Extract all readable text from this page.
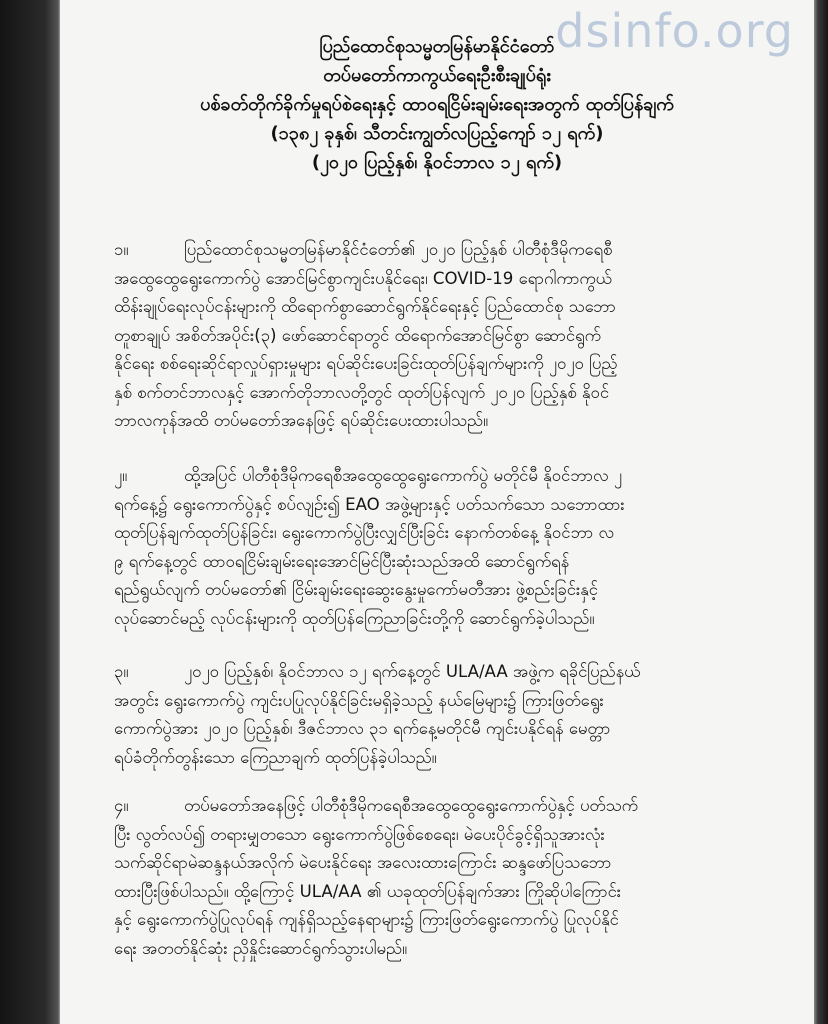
dsinfo.org
ပြည်ထောင်စုသမ္မတမြန်မာနိုင်ငံတော်
တပ်မတော်ကာကွယ်ရေးဦးစီးချုပ်ရုံး
ပစ်ခတ်တိုက်ခိုက်မှုရပ်စဲရေးနှင့် ထာဝရငြိမ်းချမ်းရေးအတွက် ထုတ်ပြန်ချက်
(၁၃၈၂ ခုနှစ်၊ သီတင်းကျွတ်လပြည့်ကျော် ၁၂ ရက်)
(၂၀၂၀ ပြည့်နှစ်၊ နိုဝင်ဘာလ ၁၂ ရက်)
၁။	ပြည်ထောင်စုသမ္မတမြန်မာနိုင်ငံတော်၏ ၂၀၂၀ ပြည့်နှစ် ပါတီစုံဒီမိုကရေစီ
အထွေထွေရွေးကောက်ပွဲ အောင်မြင်စွာကျင်းပနိုင်ရေး၊ COVID-19 ရောဂါကာကွယ်
ထိန်းချုပ်ရေးလုပ်ငန်းများကို ထိရောက်စွာဆောင်ရွက်နိုင်ရေးနှင့် ပြည်ထောင်စု သဘော
တူစာချုပ် အစိတ်အပိုင်း(၃) ဖော်ဆောင်ရာတွင် ထိရောက်အောင်မြင်စွာ ဆောင်ရွက်
နိုင်ရေး စစ်ရေးဆိုင်ရာလှုပ်ရှားမှုများ ရပ်ဆိုင်းပေးခြင်းထုတ်ပြန်ချက်များကို ၂၀၂၀ ပြည့်
နှစ် စက်တင်ဘာလနှင့် အောက်တိုဘာလတို့တွင် ထုတ်ပြန်လျက် ၂၀၂၀ ပြည့်နှစ် နိုဝင်
ဘာလကုန်အထိ တပ်မတော်အနေဖြင့် ရပ်ဆိုင်းပေးထားပါသည်။
၂။	ထို့အပြင် ပါတီစုံဒီမိုကရေစီအထွေထွေရွေးကောက်ပွဲ မတိုင်မီ နိုဝင်ဘာလ ၂
ရက်နေ့၌ ရွေးကောက်ပွဲနှင့် စပ်လျဉ်း၍ EAO အဖွဲ့များနှင့် ပတ်သက်သော သဘောထား
ထုတ်ပြန်ချက်ထုတ်ပြန်ခြင်း၊ ရွေးကောက်ပွဲပြီးလျှင်ပြီးခြင်း နောက်တစ်နေ့ နိုဝင်ဘာ လ
၉ ရက်နေ့တွင် ထာဝရငြိမ်းချမ်းရေးအောင်မြင်ပြီးဆုံးသည်အထိ ဆောင်ရွက်ရန်
ရည်ရွယ်လျက် တပ်မတော်၏ ငြိမ်းချမ်းရေးဆွေးနွေးမှုကော်မတီအား ဖွဲ့စည်းခြင်းနှင့်
လုပ်ဆောင်မည့် လုပ်ငန်းများကို ထုတ်ပြန်ကြေညာခြင်းတို့ကို ဆောင်ရွက်ခဲ့ပါသည်။
၃။	၂၀၂၀ ပြည့်နှစ်၊ နိုဝင်ဘာလ ၁၂ ရက်နေ့တွင် ULA/AA အဖွဲ့က ရခိုင်ပြည်နယ်
အတွင်း ရွေးကောက်ပွဲ ကျင်းပပြုလုပ်နိုင်ခြင်းမရှိခဲ့သည့် နယ်မြေများ၌ ကြားဖြတ်ရွေး
ကောက်ပွဲအား ၂၀၂၀ ပြည့်နှစ်၊ ဒီဇင်ဘာလ ၃၁ ရက်နေ့မတိုင်မီ ကျင်းပနိုင်ရန် မေတ္တာ
ရပ်ခံတိုက်တွန်းသော ကြေညာချက် ထုတ်ပြန်ခဲ့ပါသည်။
၄။	တပ်မတော်အနေဖြင့် ပါတီစုံဒီမိုကရေစီအထွေထွေရွေးကောက်ပွဲနှင့် ပတ်သက်
ပြီး လွတ်လပ်၍ တရားမျှတသော ရွေးကောက်ပွဲဖြစ်စေရေး၊ မဲပေးပိုင်ခွင့်ရှိသူအားလုံး
သက်ဆိုင်ရာမဲဆန္ဒနယ်အလိုက် မဲပေးနိုင်ရေး အလေးထားကြောင်း ဆန္ဒဖော်ပြသဘော
ထားပြီးဖြစ်ပါသည်။ ထို့ကြောင့် ULA/AA ၏ ယခုထုတ်ပြန်ချက်အား ကြိုဆိုပါကြောင်း
နှင့် ရွေးကောက်ပွဲပြုလုပ်ရန် ကျန်ရှိသည့်နေရာများ၌ ကြားဖြတ်ရွေးကောက်ပွဲ ပြုလုပ်နိုင်
ရေး အတတ်နိုင်ဆုံး ညှိနှိုင်းဆောင်ရွက်သွားပါမည်။
